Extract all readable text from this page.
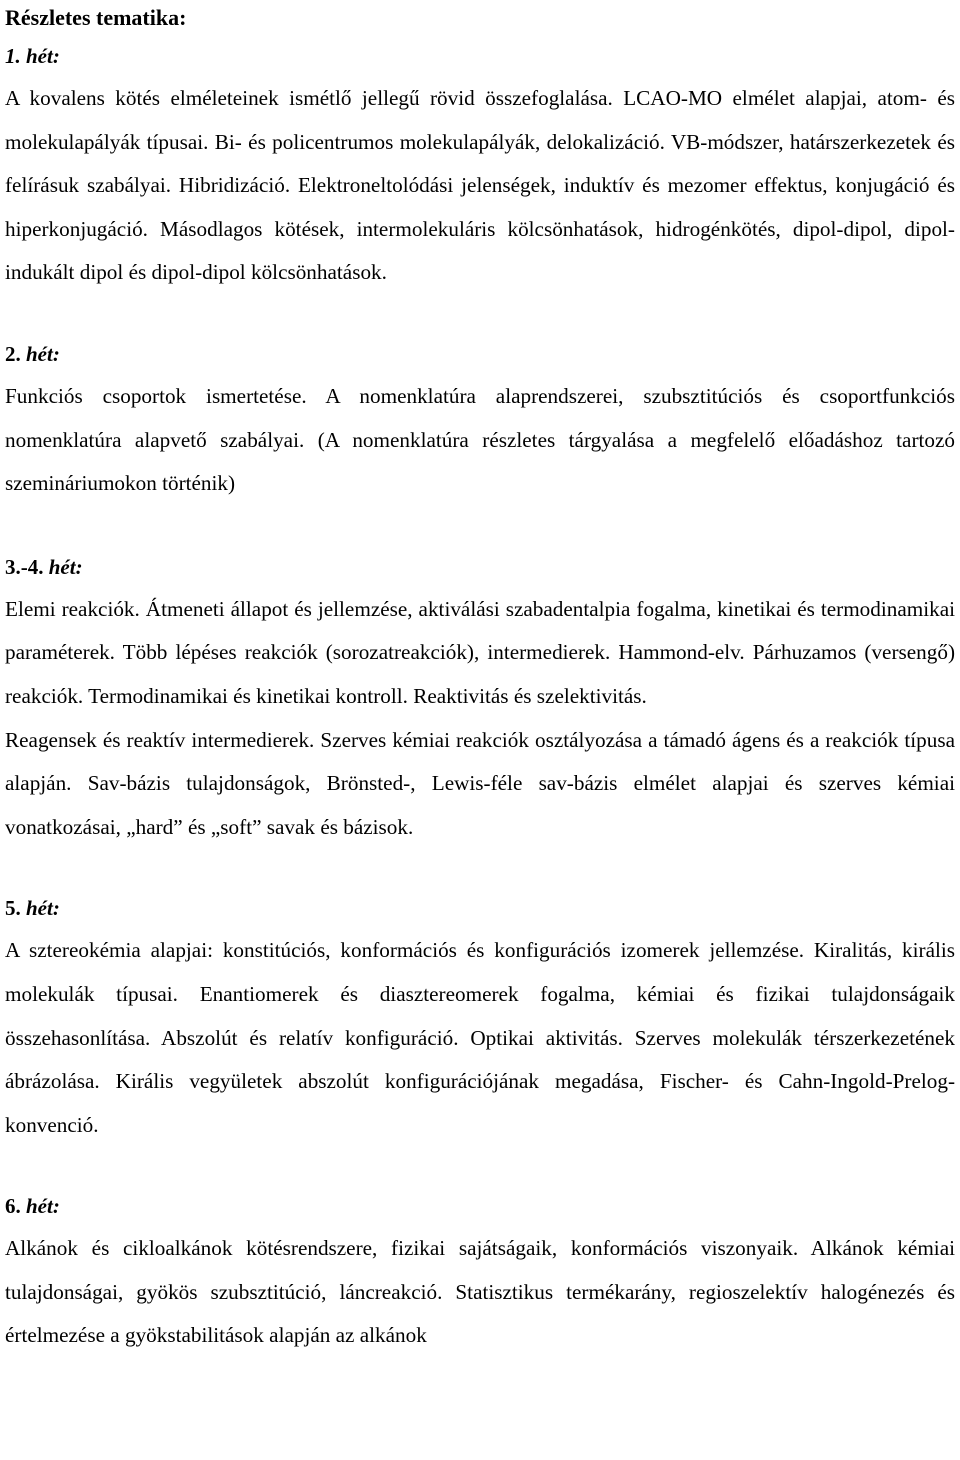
Részletes tematika:

1. hét:

A kovalens kötés elméleteinek ismétlő jellegű rövid összefoglalása. LCAO-MO elmélet alapjai, atom- és molekulapályák típusai. Bi- és policentrumos molekulapályák, delokalizáció. VB-módszer, határszerkezetek és felírásuk szabályai. Hibridizáció. Elektroneltolódási jelenségek, induktív és mezomer effektus, konjugáció és hiperkonjugáció. Másodlagos kötések, intermolekuláris kölcsönhatások, hidrogénkötés, dipol-dipol, dipol-indukált dipol és dipol-dipol kölcsönhatások.

2. hét:

Funkciós csoportok ismertetése. A nomenklatúra alaprendszerei, szubsztitúciós és csoportfunkciós nomenklatúra alapvető szabályai. (A nomenklatúra részletes tárgyalása a megfelelő előadáshoz tartozó szemináriumokon történik)

3.-4. hét:

Elemi reakciók. Átmeneti állapot és jellemzése, aktiválási szabadentalpia fogalma, kinetikai és termodinamikai paraméterek. Több lépéses reakciók (sorozatreakciók), intermedierek. Hammond-elv. Párhuzamos (versengő) reakciók. Termodinamikai és kinetikai kontroll. Reaktivitás és szelektivitás.

Reagensek és reaktív intermedierek. Szerves kémiai reakciók osztályozása a támadó ágens és a reakciók típusa alapján. Sav-bázis tulajdonságok, Brönsted-, Lewis-féle sav-bázis elmélet alapjai és szerves kémiai vonatkozásai, „hard” és „soft” savak és bázisok.

5. hét:

A sztereokémia alapjai: konstitúciós, konformációs és konfigurációs izomerek jellemzése. Kiralitás, királis molekulák típusai. Enantiomerek és diasztereomerek fogalma, kémiai és fizikai tulajdonságaik összehasonlítása. Abszolút és relatív konfiguráció. Optikai aktivitás. Szerves molekulák térszerkezetének ábrázolása. Királis vegyületek abszolút konfigurációjának megadása, Fischer- és Cahn-Ingold-Prelog-konvenció.

6. hét:

Alkánok és cikloalkánok kötésrendszere, fizikai sajátságaik, konformációs viszonyaik. Alkánok kémiai tulajdonságai, gyökös szubsztitúció, láncreakció. Statisztikus termékarány, regioszelektív halogénezés és értelmezése a gyökstabilitások alapján az alkánok
